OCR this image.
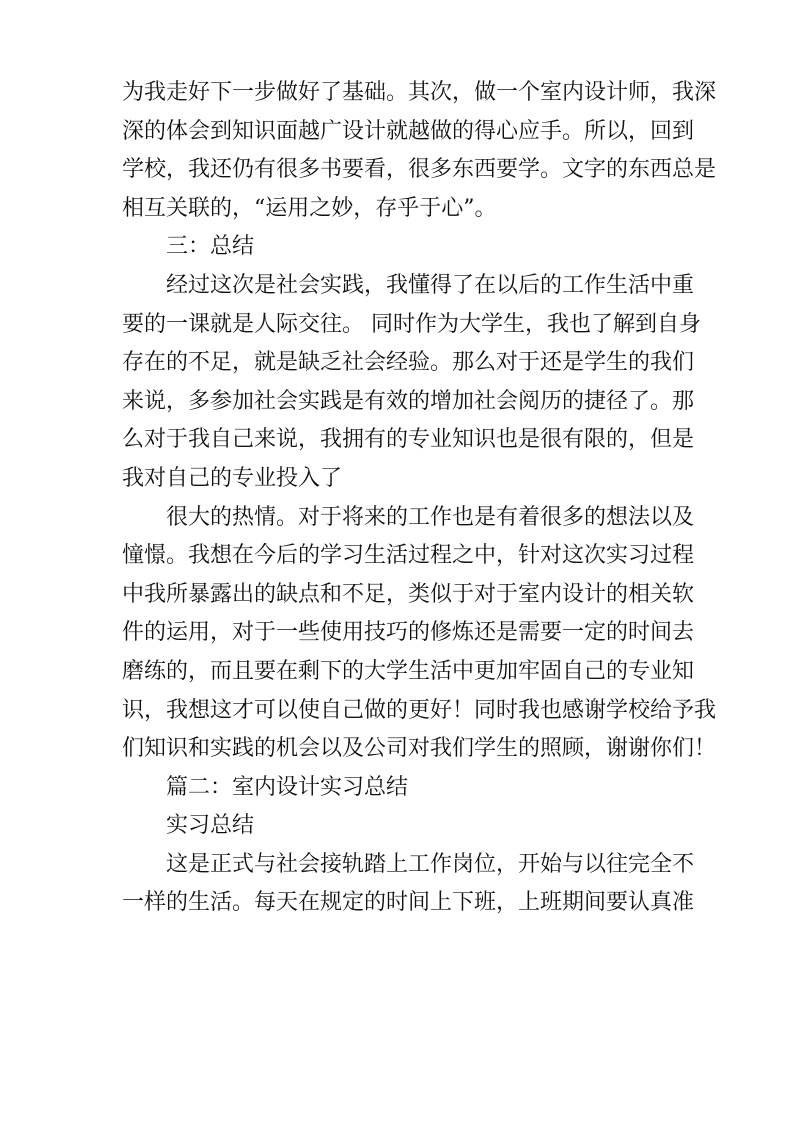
为我走好下一步做好了基础。其次，做一个室内设计师，我深
深的体会到知识面越广设计就越做的得心应手。所以，回到
学校，我还仍有很多书要看，很多东西要学。文字的东西总是
相互关联的，“运用之妙，存乎于心”。
三：总结
经过这次是社会实践，我懂得了在以后的工作生活中重
要的一课就是人际交往。 同时作为大学生，我也了解到自身
存在的不足，就是缺乏社会经验。那么对于还是学生的我们
来说，多参加社会实践是有效的增加社会阅历的捷径了。那
么对于我自己来说，我拥有的专业知识也是很有限的，但是
我对自己的专业投入了
很大的热情。对于将来的工作也是有着很多的想法以及
憧憬。我想在今后的学习生活过程之中，针对这次实习过程
中我所暴露出的缺点和不足，类似于对于室内设计的相关软
件的运用，对于一些使用技巧的修炼还是需要一定的时间去
磨练的，而且要在剩下的大学生活中更加牢固自己的专业知
识，我想这才可以使自己做的更好！同时我也感谢学校给予我
们知识和实践的机会以及公司对我们学生的照顾，谢谢你们！
篇二：室内设计实习总结
实习总结
这是正式与社会接轨踏上工作岗位，开始与以往完全不
一样的生活。每天在规定的时间上下班，上班期间要认真准
